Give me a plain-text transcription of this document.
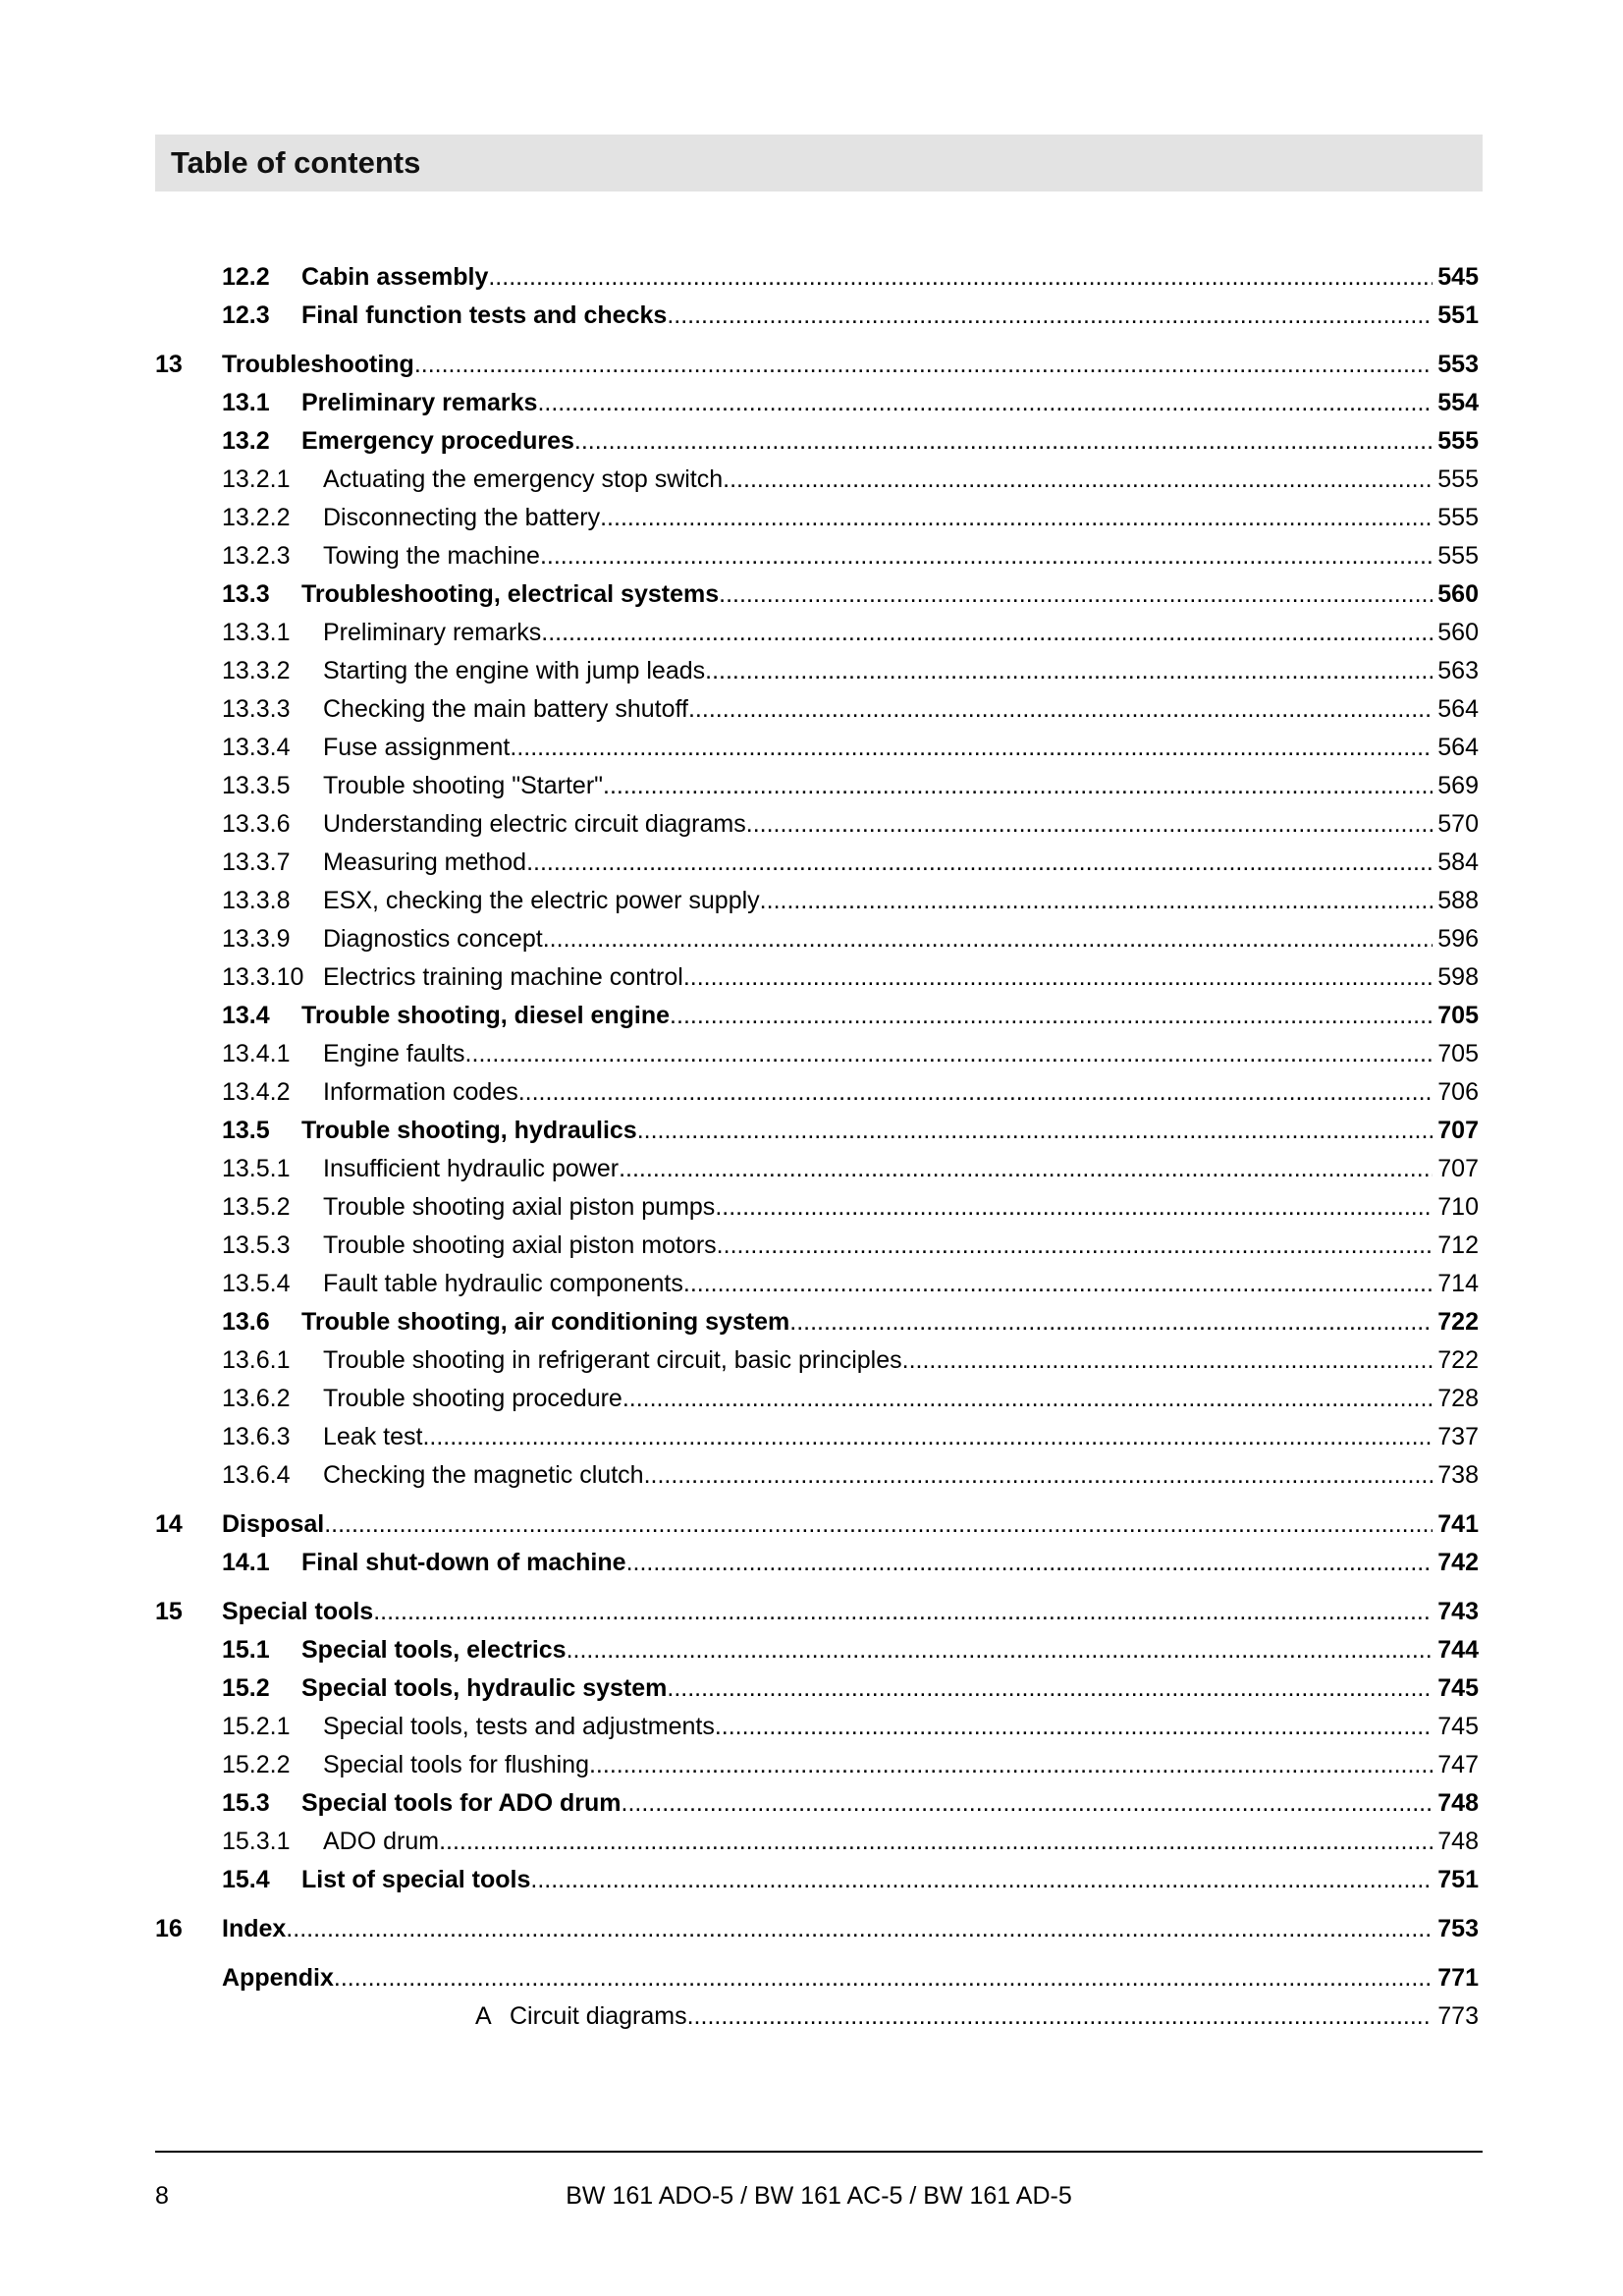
Table of contents
12.2	Cabin assembly .....	545
12.3	Final function tests and checks .....	551
13	Troubleshooting .....	553
13.1	Preliminary remarks .....	554
13.2	Emergency procedures .....	555
13.2.1	Actuating the emergency stop switch .....	555
13.2.2	Disconnecting the battery .....	555
13.2.3	Towing the machine .....	555
13.3	Troubleshooting, electrical systems .....	560
13.3.1	Preliminary remarks .....	560
13.3.2	Starting the engine with jump leads .....	563
13.3.3	Checking the main battery shutoff .....	564
13.3.4	Fuse assignment .....	564
13.3.5	Trouble shooting "Starter" .....	569
13.3.6	Understanding electric circuit diagrams .....	570
13.3.7	Measuring method .....	584
13.3.8	ESX, checking the electric power supply .....	588
13.3.9	Diagnostics concept .....	596
13.3.10 Electrics training machine control .....	598
13.4	Trouble shooting, diesel engine .....	705
13.4.1	Engine faults .....	705
13.4.2	Information codes .....	706
13.5	Trouble shooting, hydraulics .....	707
13.5.1	Insufficient hydraulic power .....	707
13.5.2	Trouble shooting axial piston pumps .....	710
13.5.3	Trouble shooting axial piston motors .....	712
13.5.4	Fault table hydraulic components .....	714
13.6	Trouble shooting, air conditioning system .....	722
13.6.1	Trouble shooting in refrigerant circuit, basic principles .....	722
13.6.2	Trouble shooting procedure .....	728
13.6.3	Leak test .....	737
13.6.4	Checking the magnetic clutch .....	738
14	Disposal .....	741
14.1	Final shut-down of machine .....	742
15	Special tools .....	743
15.1	Special tools, electrics .....	744
15.2	Special tools, hydraulic system .....	745
15.2.1	Special tools, tests and adjustments .....	745
15.2.2	Special tools for flushing .....	747
15.3	Special tools for ADO drum .....	748
15.3.1	ADO drum .....	748
15.4	List of special tools .....	751
16	Index .....	753
Appendix .....	771
A Circuit diagrams .....	773
8	BW 161 ADO-5 / BW 161 AC-5 / BW 161 AD-5
